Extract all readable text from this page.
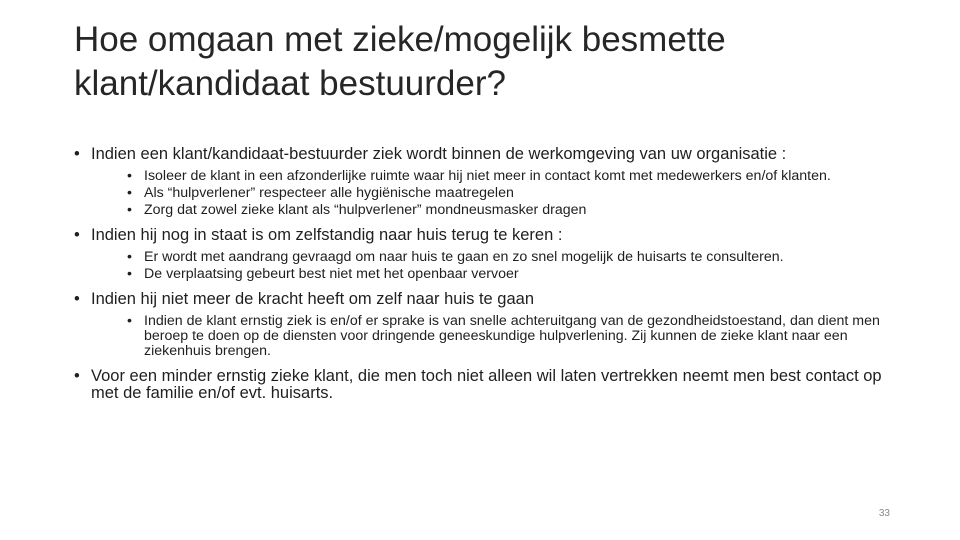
Hoe omgaan met zieke/mogelijk besmette
klant/kandidaat bestuurder?
• Indien een klant/kandidaat-bestuurder ziek wordt binnen de werkomgeving van uw organisatie :
• Isoleer de klant in een afzonderlijke ruimte waar hij niet meer in contact komt met medewerkers en/of klanten.
• Als “hulpverlener” respecteer alle hygiënische maatregelen
• Zorg dat zowel zieke klant als “hulpverlener” mondneusmasker dragen
• Indien hij nog in staat is om zelfstandig naar huis terug te keren :
• Er wordt met aandrang gevraagd om naar huis te gaan en zo snel mogelijk de huisarts te consulteren.
• De verplaatsing gebeurt best niet met het openbaar vervoer
• Indien hij niet meer de kracht heeft om zelf naar huis te gaan
• Indien de klant ernstig ziek is en/of er sprake is van snelle achteruitgang van de gezondheidstoestand, dan dient men beroep te doen op de diensten voor dringende geneeskundige hulpverlening. Zij kunnen de zieke klant naar een ziekenhuis brengen.
• Voor een minder ernstig zieke klant, die men toch niet alleen wil laten vertrekken neemt men best contact op met de familie en/of evt. huisarts.
33
